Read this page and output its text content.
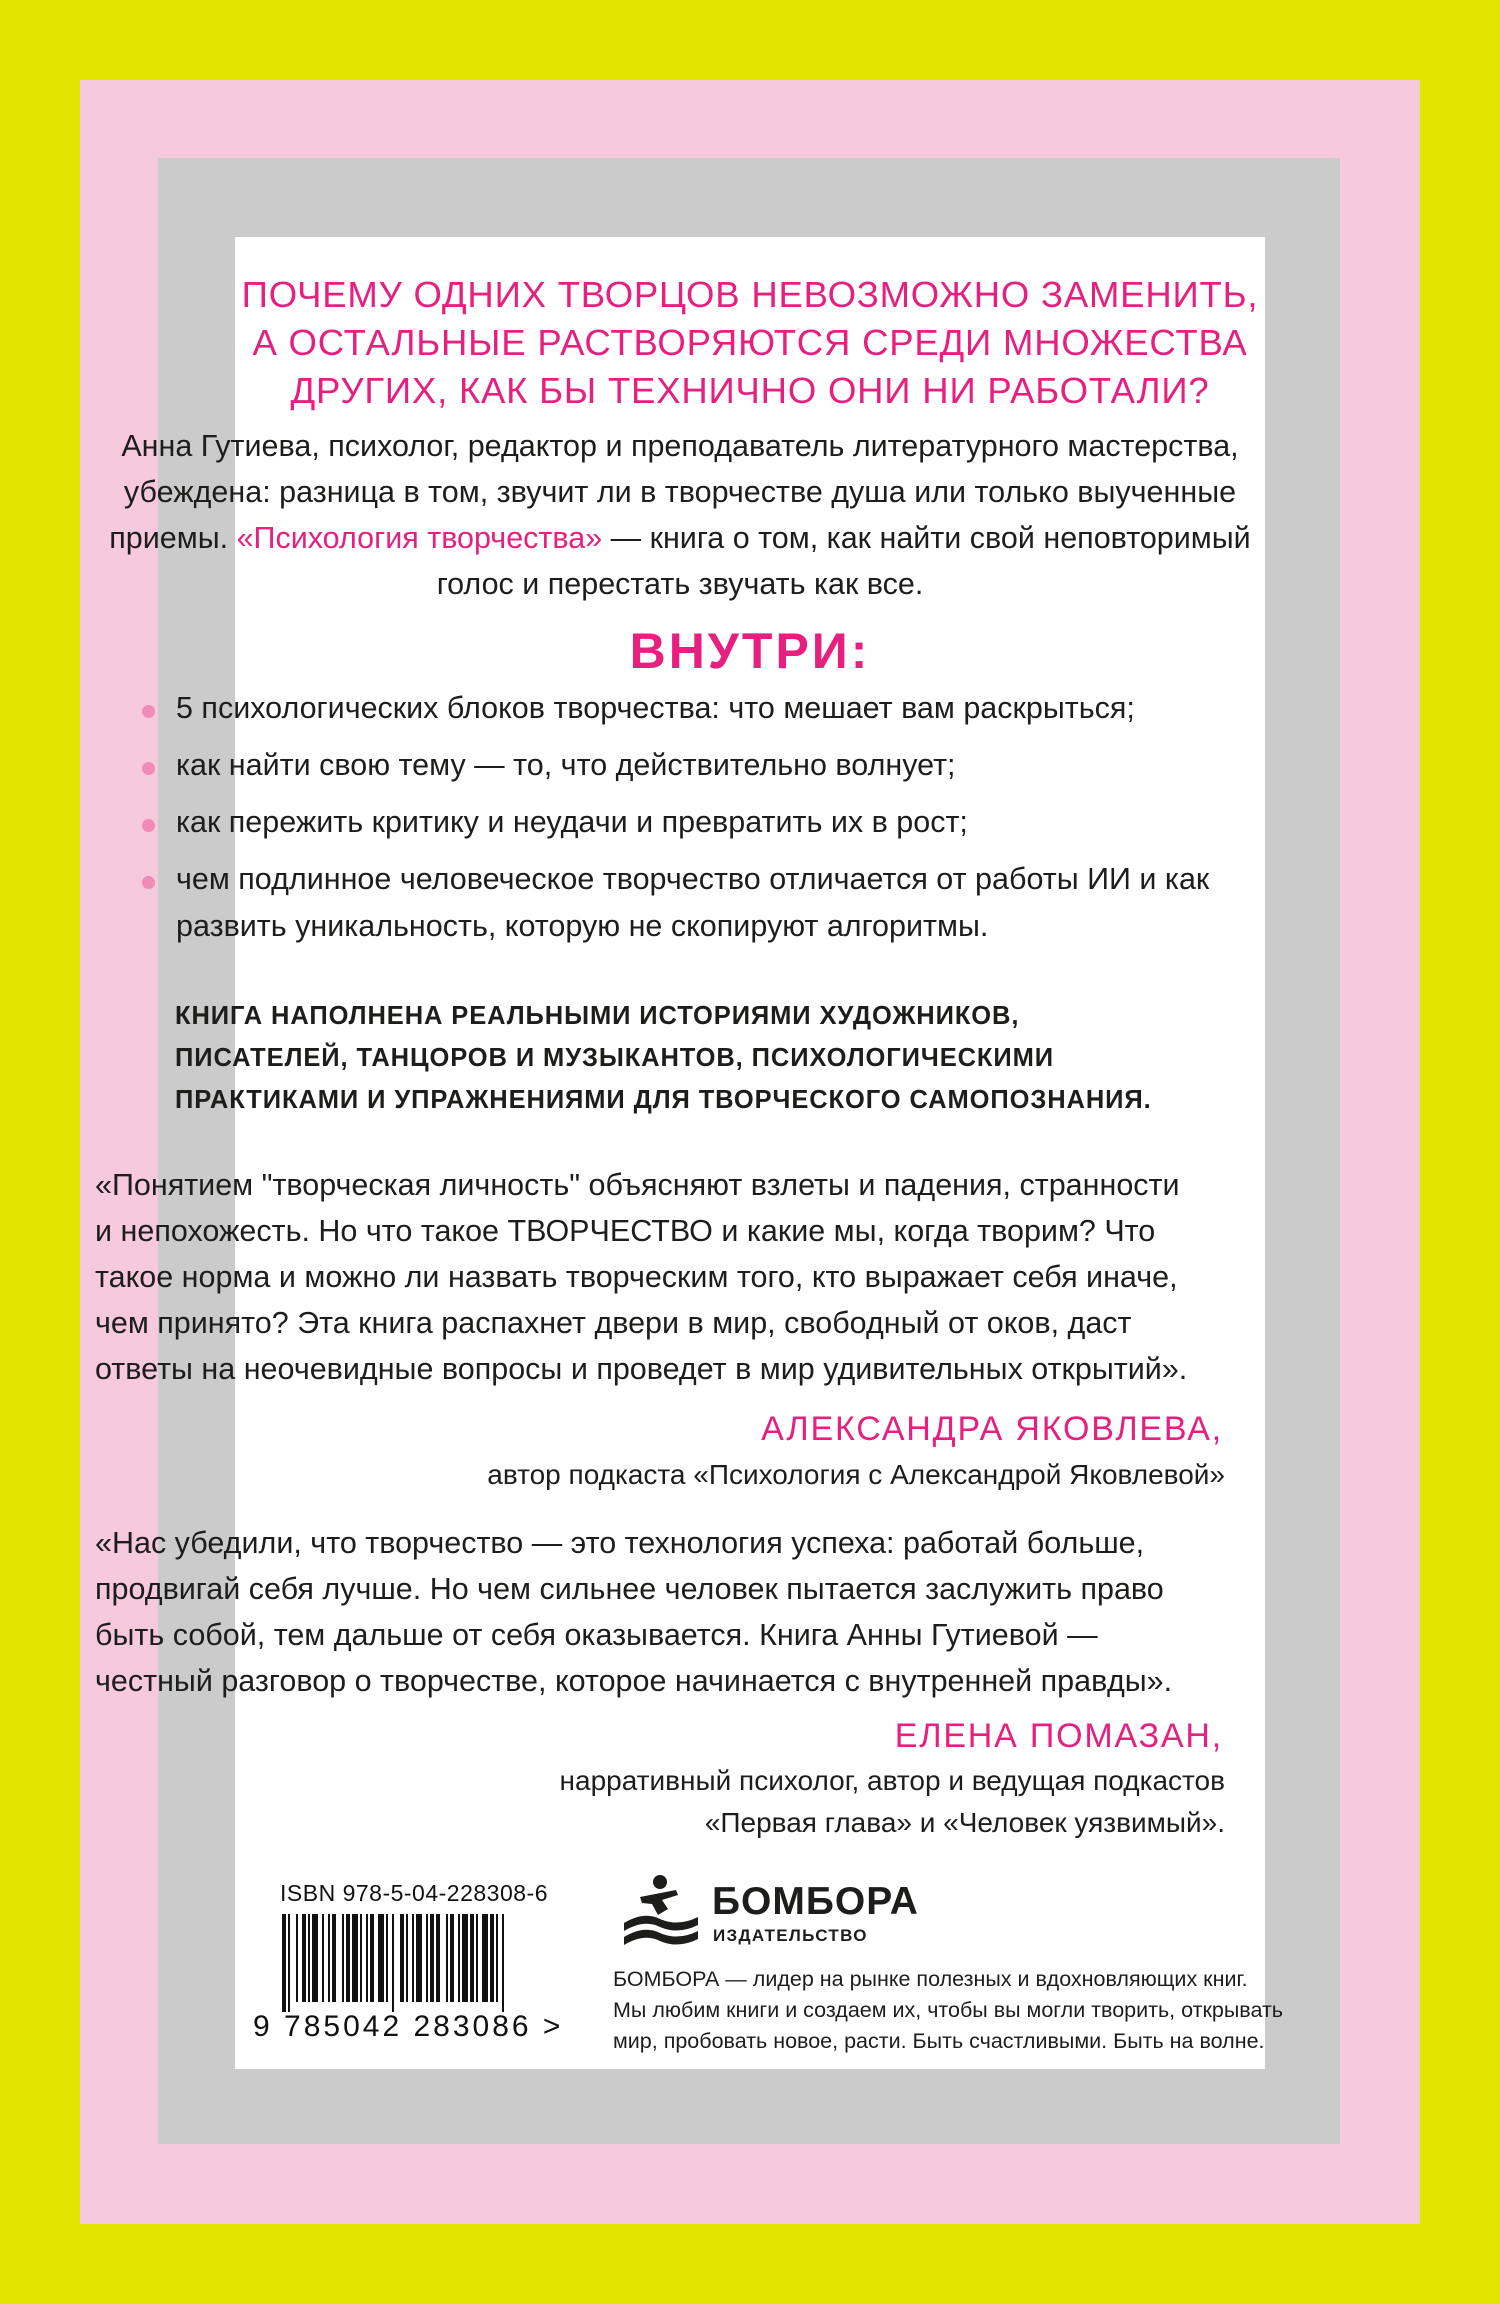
ПОЧЕМУ ОДНИХ ТВОРЦОВ НЕВОЗМОЖНО ЗАМЕНИТЬ,
А ОСТАЛЬНЫЕ РАСТВОРЯЮТСЯ СРЕДИ МНОЖЕСТВА
ДРУГИХ, КАК БЫ ТЕХНИЧНО ОНИ НИ РАБОТАЛИ?

Анна Гутиева, психолог, редактор и преподаватель литературного мастерства, убеждена: разница в том, звучит ли в творчестве душа или только выученные приемы. «Психология творчества» — книга о том, как найти свой неповторимый голос и перестать звучать как все.

ВНУТРИ:
5 психологических блоков творчества: что мешает вам раскрыться;
как найти свою тему — то, что действительно волнует;
как пережить критику и неудачи и превратить их в рост;
чем подлинное человеческое творчество отличается от работы ИИ и как развить уникальность, которую не скопируют алгоритмы.

КНИГА НАПОЛНЕНА РЕАЛЬНЫМИ ИСТОРИЯМИ ХУДОЖНИКОВ,
ПИСАТЕЛЕЙ, ТАНЦОРОВ И МУЗЫКАНТОВ, ПСИХОЛОГИЧЕСКИМИ
ПРАКТИКАМИ И УПРАЖНЕНИЯМИ ДЛЯ ТВОРЧЕСКОГО САМОПОЗНАНИЯ.

«Понятием "творческая личность" объясняют взлеты и падения, странности
и непохожесть. Но что такое ТВОРЧЕСТВО и какие мы, когда творим? Что
такое норма и можно ли назвать творческим того, кто выражает себя иначе,
чем принято? Эта книга распахнет двери в мир, свободный от оков, даст
ответы на неочевидные вопросы и проведет в мир удивительных открытий».

АЛЕКСАНДРА ЯКОВЛЕВА,

автор подкаста «Психология с Александрой Яковлевой»

«Нас убедили, что творчество — это технология успеха: работай больше,
продвигай себя лучше. Но чем сильнее человек пытается заслужить право
быть собой, тем дальше от себя оказывается. Книга Анны Гутиевой —
честный разговор о творчестве, которое начинается с внутренней правды».

ЕЛЕНА ПОМАЗАН,

нарративный психолог, автор и ведущая подкастов
«Первая глава» и «Человек уязвимый».

ISBN 978-5-04-228308-6
9 785042 283086 >
БОМБОРА
ИЗДАТЕЛЬСТВО

БОМБОРА — лидер на рынке полезных и вдохновляющих книг.
Мы любим книги и создаем их, чтобы вы могли творить, открывать
мир, пробовать новое, расти. Быть счастливыми. Быть на волне.
